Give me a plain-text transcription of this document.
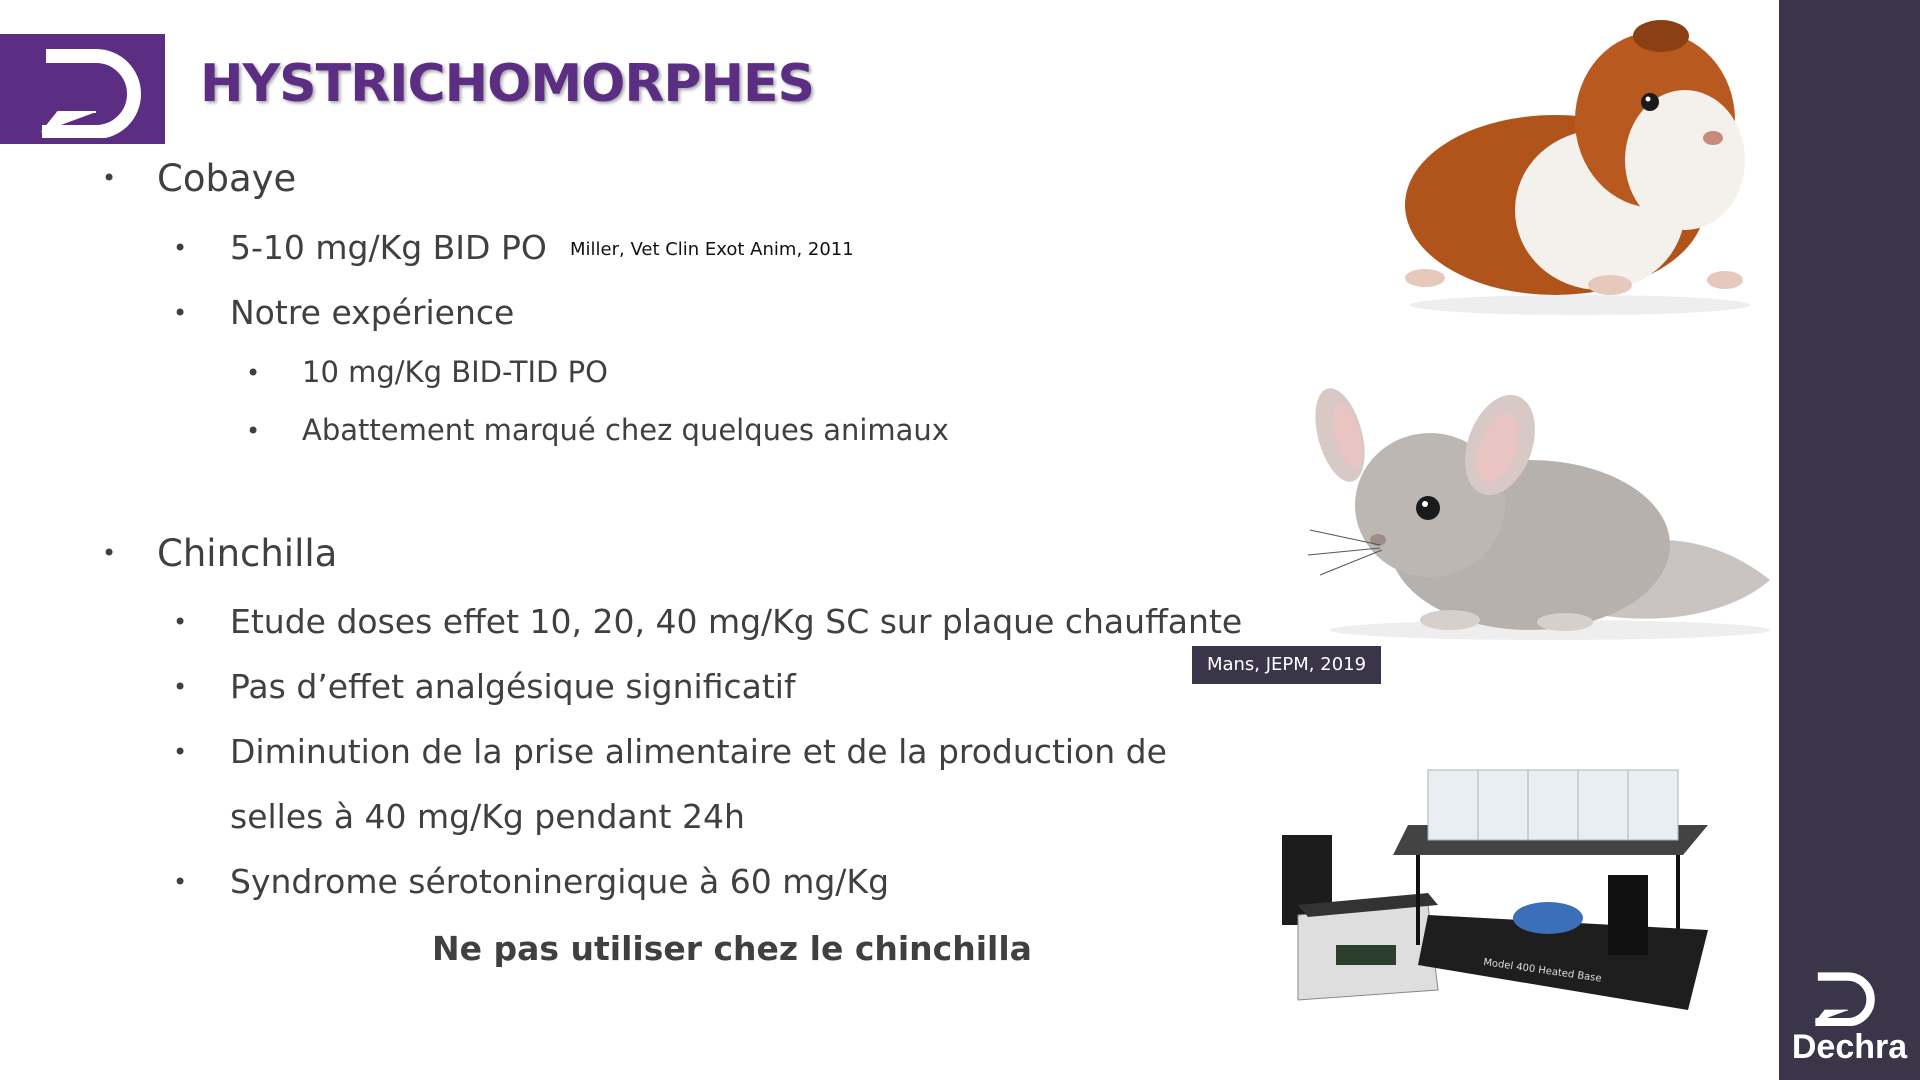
HYSTRICHOMORPHES
• Cobaye
• 5-10 mg/Kg BID PO Miller, Vet Clin Exot Anim, 2011
• Notre expérience
• 10 mg/Kg BID-TID PO
• Abattement marqué chez quelques animaux
• Chinchilla
• Etude doses effet 10, 20, 40 mg/Kg SC sur plaque chauffante
• Pas d’effet analgésique significatif
• Diminution de la prise alimentaire et de la production de
selles à 40 mg/Kg pendant 24h
• Syndrome sérotoninergique à 60 mg/Kg
Ne pas utiliser chez le chinchilla
Mans, JEPM, 2019
Model 400 Heated Base
Dechra
